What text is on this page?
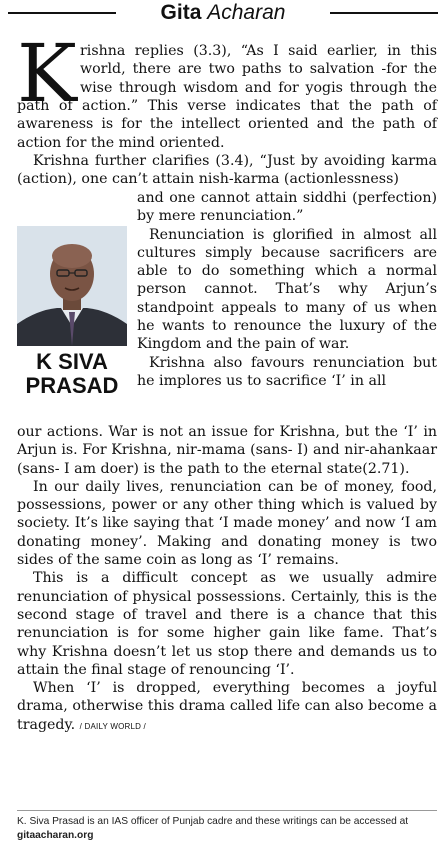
Gita Acharan
K rishna replies (3.3), “As I said earlier, in this

world, there are two paths to salvation -for the

wise through wisdom and for yogis through the

path of action.” This verse indicates that the path of awareness is for the intellect oriented and the path of action for the mind oriented.

Krishna further clarifies (3.4), “Just by avoiding karma (action), one can’t attain nish-karma (actionlessness)

and one cannot attain siddhi (perfection) by mere renunciation.”

Renunciation is glorified in almost all cultures simply because sacrificers are able to do something which a normal person cannot. That’s why Arjun’s standpoint appeals to many of us when he wants to renounce the luxury of the Kingdom and the pain of war.

Krishna also favours renunciation but he implores us to sacrifice ‘I’ in all

K SIVA
PRASAD

our actions. War is not an issue for Krishna, but the ‘I’ in Arjun is. For Krishna, nir-mama (sans- I) and nir-ahankaar (sans- I am doer) is the path to the eternal state(2.71).

In our daily lives, renunciation can be of money, food, possessions, power or any other thing which is valued by society. It’s like saying that ‘I made money’ and now ‘I am donating money’. Making and donating money is two sides of the same coin as long as ‘I’ remains.

This is a difficult concept as we usually admire renunciation of physical possessions. Certainly, this is the second stage of travel and there is a chance that this renunciation is for some higher gain like fame. That’s why Krishna doesn’t let us stop there and demands us to attain the final stage of renouncing ‘I’.

When ‘I’ is dropped, everything becomes a joyful drama, otherwise this drama called life can also become a tragedy. / DAILY WORLD /

K. Siva Prasad is an IAS officer of Punjab cadre and these writings can be accessed at gitaacharan.org
